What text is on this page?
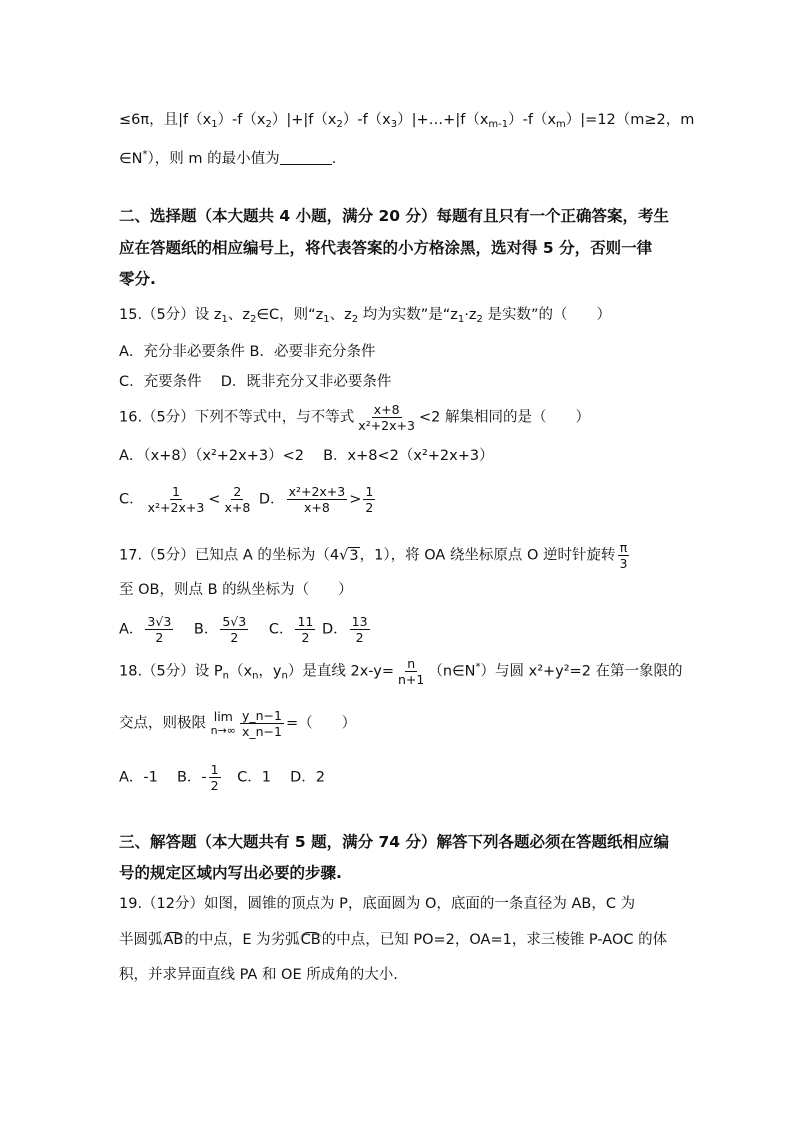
≤6π，且$|f(x_1)-f(x_2)|+|f(x_2)-f(x_3)|+\dots+|f(x_{m-1})-f(x_m)|=12(m\ge 2$，m
∈N*），则 m 的最小值为	.
二、选择题（本大题共 4 小题，满分 20 分）每题有且只有一个正确答案，考生
应在答题纸的相应编号上，将代表答案的小方格涂黑，选对得 5 分，否则一律
零分.
15.（5分）设 $z_1$、$z_2\in C$，则“$z_1$、$z_2$ 均为实数”是“$z_1\cdot z_2$ 是实数”的（　　）
A．充分非必要条件 B．必要非充分条件
C．充要条件　 D．既非充分又非必要条件
16.（5分）下列不等式中，与不等式 $\frac{x+8}{\text{x²+2x+3}} <2$ 解集相同的是（　　）
A．（x+8）（x²+2x+3）<2　 B．x+8<2（x²+2x+3）
C． $\frac{1}{\text{x²+2x+3}} < \frac{2}{x+8}$ D． $\frac{\text{x²+2x+3}}{x+8} > \frac{1}{2}$
17.（5分）已知点 A 的坐标为（4√3，1），将 OA 绕坐标原点 O 逆时针旋转 $\frac{\pi}{3}$
至 OB，则点 B 的纵坐标为（　　）
A． $\frac{3√3}{2}$ B． $\frac{5√3}{2}$ C． $\frac{11}{2}$ D． $\frac{13}{2}$
18.（5分）设 $P_n(x_n$，$y_n$）是直线 $2x-y= \frac{n}{n+1}$ （n∈N*）与圆 x²+y²=2 在第一象限的
交点，则极限 lim
$n\to\infty \frac{y\_n-1}{x\_n-1}$ =（　　）
A．-1　 B．- $\frac{1}{2}$ 　C．1　 D．2
三、解答题（本大题共有 5 题，满分 74 分）解答下列各题必须在答题纸相应编
号的规定区域内写出必要的步骤.
19.（12分）如图，圆锥的顶点为 P，底面圆为 O，底面的一条直径为 AB，C 为
半圆弧AB的中点，E 为劣弧CB的中点，已知 PO=2，OA=1，求三棱锥 P-AOC 的体
积，并求异面直线 PA 和 OE 所成角的大小.
